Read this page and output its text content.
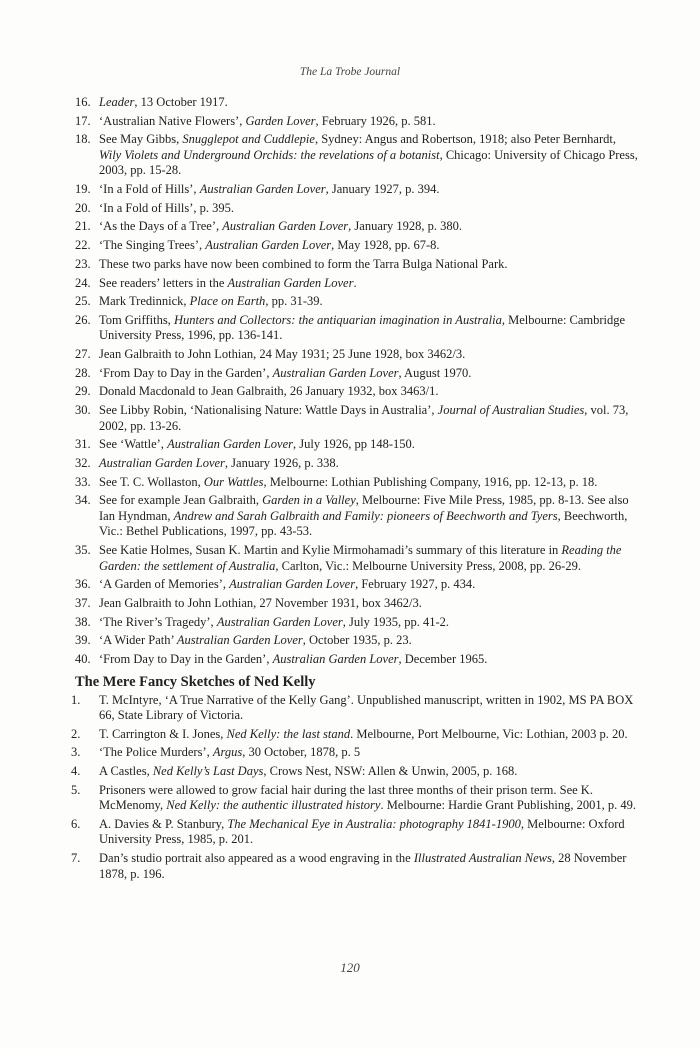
The La Trobe Journal
16. Leader, 13 October 1917.
17. ‘Australian Native Flowers’, Garden Lover, February 1926, p. 581.
18. See May Gibbs, Snugglepot and Cuddlepie, Sydney: Angus and Robertson, 1918; also Peter Bernhardt, Wily Violets and Underground Orchids: the revelations of a botanist, Chicago: University of Chicago Press, 2003, pp. 15-28.
19. ‘In a Fold of Hills’, Australian Garden Lover, January 1927, p. 394.
20. ‘In a Fold of Hills’, p. 395.
21. ‘As the Days of a Tree’, Australian Garden Lover, January 1928, p. 380.
22. ‘The Singing Trees’, Australian Garden Lover, May 1928, pp. 67-8.
23. These two parks have now been combined to form the Tarra Bulga National Park.
24. See readers’ letters in the Australian Garden Lover.
25. Mark Tredinnick, Place on Earth, pp. 31-39.
26. Tom Griffiths, Hunters and Collectors: the antiquarian imagination in Australia, Melbourne: Cambridge University Press, 1996, pp. 136-141.
27. Jean Galbraith to John Lothian, 24 May 1931; 25 June 1928, box 3462/3.
28. ‘From Day to Day in the Garden’, Australian Garden Lover, August 1970.
29. Donald Macdonald to Jean Galbraith, 26 January 1932, box 3463/1.
30. See Libby Robin, ‘Nationalising Nature: Wattle Days in Australia’, Journal of Australian Studies, vol. 73, 2002, pp. 13-26.
31. See ‘Wattle’, Australian Garden Lover, July 1926, pp 148-150.
32. Australian Garden Lover, January 1926, p. 338.
33. See T. C. Wollaston, Our Wattles, Melbourne: Lothian Publishing Company, 1916, pp. 12-13, p. 18.
34. See for example Jean Galbraith, Garden in a Valley, Melbourne: Five Mile Press, 1985, pp. 8-13. See also Ian Hyndman, Andrew and Sarah Galbraith and Family: pioneers of Beechworth and Tyers, Beechworth, Vic.: Bethel Publications, 1997, pp. 43-53.
35. See Katie Holmes, Susan K. Martin and Kylie Mirmohamadi’s summary of this literature in Reading the Garden: the settlement of Australia, Carlton, Vic.: Melbourne University Press, 2008, pp. 26-29.
36. ‘A Garden of Memories’, Australian Garden Lover, February 1927, p. 434.
37. Jean Galbraith to John Lothian, 27 November 1931, box 3462/3.
38. ‘The River’s Tragedy’, Australian Garden Lover, July 1935, pp. 41-2.
39. ‘A Wider Path’ Australian Garden Lover, October 1935, p. 23.
40. ‘From Day to Day in the Garden’, Australian Garden Lover, December 1965.
The Mere Fancy Sketches of Ned Kelly
1.	T. McIntyre, ‘A True Narrative of the Kelly Gang’. Unpublished manuscript, written in 1902, MS PA BOX 66, State Library of Victoria.
2.	T. Carrington & I. Jones, Ned Kelly: the last stand. Melbourne, Port Melbourne, Vic: Lothian, 2003 p. 20.
3.	‘The Police Murders’, Argus, 30 October, 1878, p. 5
4.	A Castles, Ned Kelly’s Last Days, Crows Nest, NSW: Allen & Unwin, 2005, p. 168.
5.	Prisoners were allowed to grow facial hair during the last three months of their prison term. See K. McMenomy, Ned Kelly: the authentic illustrated history. Melbourne: Hardie Grant Publishing, 2001, p. 49.
6.	A. Davies & P. Stanbury, The Mechanical Eye in Australia: photography 1841-1900, Melbourne: Oxford University Press, 1985, p. 201.
7.	Dan’s studio portrait also appeared as a wood engraving in the Illustrated Australian News, 28 November 1878, p. 196.
120
